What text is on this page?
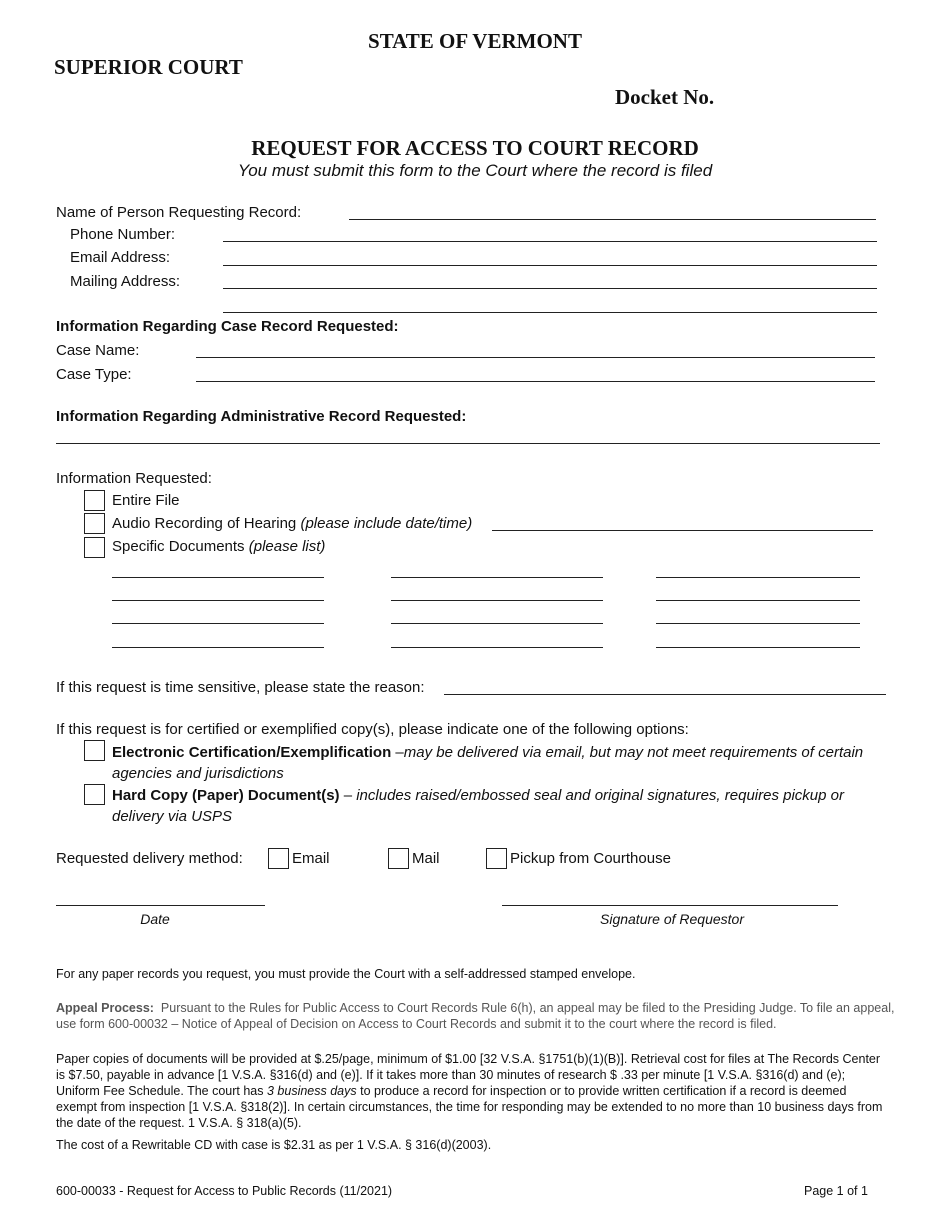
STATE OF VERMONT
SUPERIOR COURT
Docket No.
REQUEST FOR ACCESS TO COURT RECORD
You must submit this form to the Court where the record is filed
Name of Person Requesting Record:
Phone Number:
Email Address:
Mailing Address:
Information Regarding Case Record Requested:
Case Name:
Case Type:
Information Regarding Administrative Record Requested:
Information Requested:
Entire File
Audio Recording of Hearing (please include date/time)
Specific Documents (please list)
If this request is time sensitive, please state the reason:
If this request is for certified or exemplified copy(s), please indicate one of the following options:
Electronic Certification/Exemplification –may be delivered via email, but may not meet requirements of certain agencies and jurisdictions
Hard Copy (Paper) Document(s) – includes raised/embossed seal and original signatures, requires pickup or delivery via USPS
Requested delivery method:	Email	Mail	Pickup from Courthouse
Date	Signature of Requestor
For any paper records you request, you must provide the Court with a self-addressed stamped envelope.
Appeal Process: Pursuant to the Rules for Public Access to Court Records Rule 6(h), an appeal may be filed to the Presiding Judge. To file an appeal, use form 600-00032 – Notice of Appeal of Decision on Access to Court Records and submit it to the court where the record is filed.
Paper copies of documents will be provided at $.25/page, minimum of $1.00 [32 V.S.A. §1751(b)(1)(B)]. Retrieval cost for files at The Records Center is $7.50, payable in advance [1 V.S.A. §316(d) and (e)]. If it takes more than 30 minutes of research $ .33 per minute [1 V.S.A. §316(d) and (e); Uniform Fee Schedule. The court has 3 business days to produce a record for inspection or to provide written certification if a record is deemed exempt from inspection [1 V.S.A. §318(2)]. In certain circumstances, the time for responding may be extended to no more than 10 business days from the date of the request. 1 V.S.A. § 318(a)(5).
The cost of a Rewritable CD with case is $2.31 as per 1 V.S.A. § 316(d)(2003).
600-00033 - Request for Access to Public Records (11/2021)	Page 1 of 1
